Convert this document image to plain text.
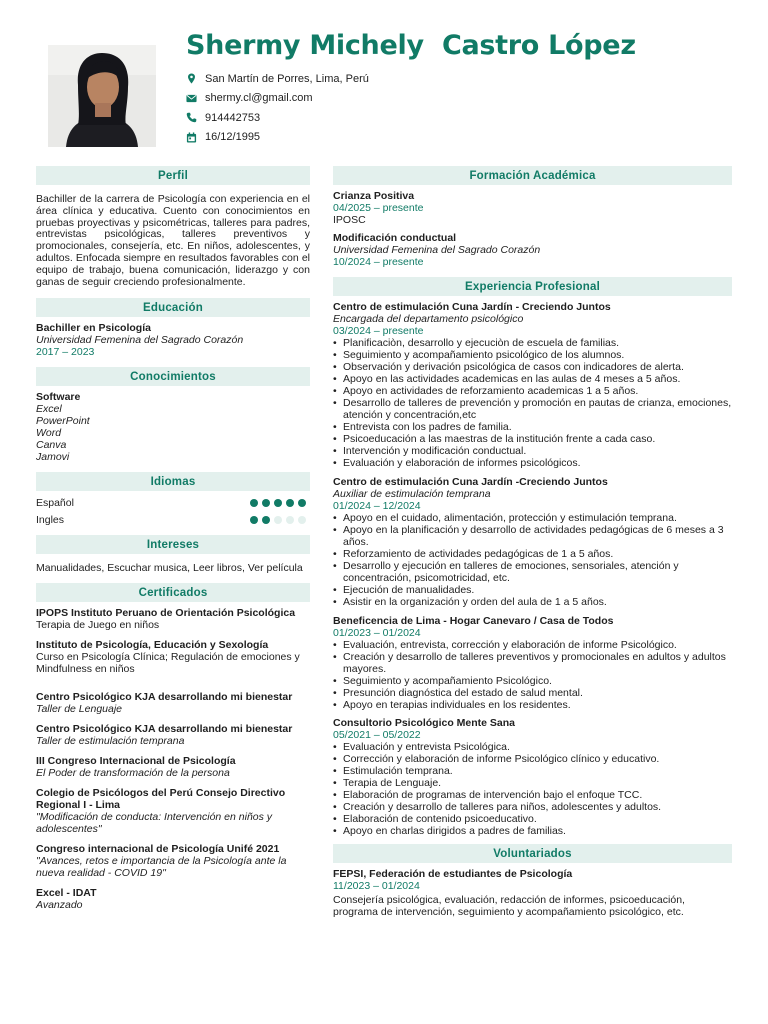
Shermy Michely  Castro López
San Martín de Porres, Lima, Perú
shermy.cl@gmail.com
914442753
16/12/1995
Perfil
Bachiller de la carrera de Psicología con experiencia en el área clínica y educativa. Cuento con conocimientos en pruebas proyectivas y psicométricas, talleres para padres, entrevistas psicológicas, talleres preventivos y promocionales, consejería, etc. En niños, adolescentes, y adultos. Enfocada siempre en resultados favorables con el equipo de trabajo, buena comunicación, liderazgo y con ganas de seguir creciendo profesionalmente.
Educación
Bachiller en Psicología
Universidad Femenina del Sagrado Corazón
2017 – 2023
Conocimientos
Software
Excel
PowerPoint
Word
Canva
Jamovi
Idiomas
Español
Ingles
Intereses
Manualidades, Escuchar musica, Leer libros, Ver película
Certificados
IPOPS Instituto Peruano de Orientación Psicológica
Terapia de Juego en niños
Instituto de Psicología, Educación y Sexología
Curso en Psicología Clínica; Regulación de emociones y Mindfulness en niños
Centro Psicológico KJA desarrollando mi bienestar
Taller de Lenguaje
Centro Psicológico KJA desarrollando mi bienestar
Taller de estimulación temprana
III Congreso Internacional de Psicología
El Poder de transformación de la persona
Colegio de Psicólogos del Perú Consejo Directivo Regional I - Lima
"Modificación de conducta: Intervención en niños y adolescentes"
Congreso internacional de Psicología Unifé 2021
"Avances, retos e importancia de la Psicología ante la nueva realidad - COVID 19"
Excel - IDAT
Avanzado
Formación Académica
Crianza Positiva
04/2025 – presente
IPOSC
Modificación conductual
Universidad Femenina del Sagrado Corazón
10/2024 – presente
Experiencia Profesional
Centro de estimulación Cuna Jardín - Creciendo Juntos
Encargada del departamento psicológico
03/2024 – presente
• Planificaciòn, desarrollo y ejecuciòn de escuela de familias.
• Seguimiento y acompañamiento psicológico de los alumnos.
• Observación y derivación psicológica de casos con indicadores de alerta.
• Apoyo en las actividades academicas en las aulas de 4 meses a 5 años.
• Apoyo en actividades de reforzamiento academicas 1 a 5 años.
• Desarrollo de talleres de prevención y promoción en pautas de crianza, emociones, atención y concentración,etc
• Entrevista con los padres de familia.
• Psicoeducación a las maestras de la institución frente a cada caso.
• Intervención y modificación conductual.
• Evaluación y elaboración de informes psicológicos.
Centro de estimulación Cuna Jardín -Creciendo Juntos
Auxiliar de estimulación temprana
01/2024 – 12/2024
• Apoyo en el cuidado, alimentación, protección y estimulación temprana.
• Apoyo en la planificación y desarrollo de actividades pedagógicas de 6 meses a 3 años.
• Reforzamiento de actividades pedagógicas de 1 a 5 años.
• Desarrollo y ejecución en talleres de emociones, sensoriales, atención y concentración, psicomotricidad, etc.
• Ejecución de manualidades.
• Asistir en la organización y orden del aula de 1 a 5 años.
Beneficencia de Lima - Hogar Canevaro / Casa de Todos
01/2023 – 01/2024
• Evaluación, entrevista, corrección y elaboración de informe Psicológico.
• Creación y desarrollo de talleres preventivos y promocionales en adultos y adultos mayores.
• Seguimiento y acompañamiento Psicológico.
• Presunción diagnóstica del estado de salud mental.
• Apoyo en terapias individuales en los residentes.
Consultorio Psicológico Mente Sana
05/2021 – 05/2022
• Evaluación y entrevista Psicológica.
• Corrección y elaboración de informe Psicológico clínico y educativo.
• Estimulación temprana.
• Terapia de Lenguaje.
• Elaboración de programas de intervención bajo el enfoque TCC.
• Creación y desarrollo de talleres para niños, adolescentes y adultos.
• Elaboración de contenido psicoeducativo.
• Apoyo en charlas dirigidos a padres de familias.
Voluntariados
FEPSI, Federación de estudiantes de Psicología
11/2023 – 01/2024
Consejería psicológica, evaluación, redacción de informes, psicoeducación, programa de intervención, seguimiento y acompañamiento psicológico, etc.
